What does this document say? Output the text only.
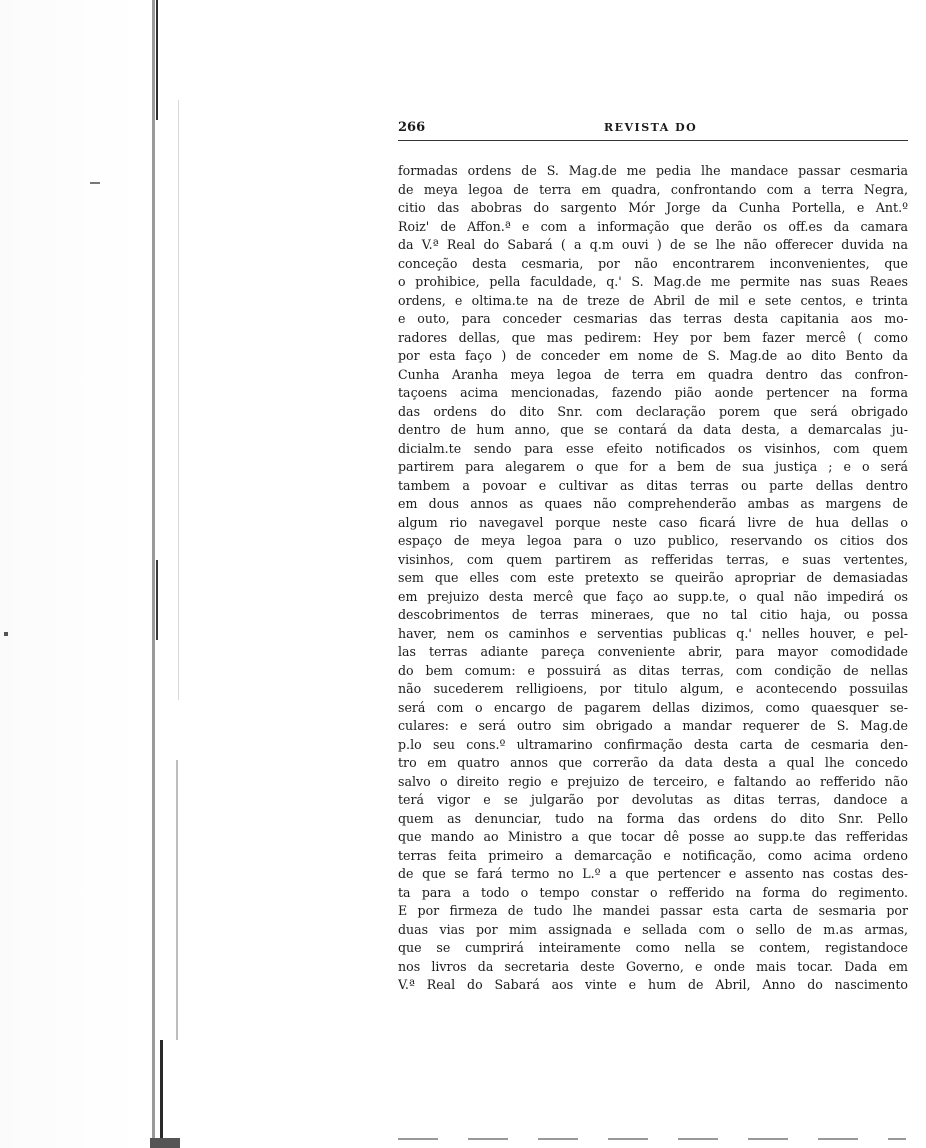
266	REVISTA DO
formadas ordens de S. Mag.de me pedia lhe mandace passar cesmaria
de meya legoa de terra em quadra, confrontando com a terra Negra,
citio das abobras do sargento Mór Jorge da Cunha Portella, e Ant.º
Roiz' de Affon.ª e com a informação que derão os off.es da camara
da V.ª Real do Sabará ( a q.m ouvi ) de se lhe não offerecer duvida na
conceção desta cesmaria, por não encontrarem inconvenientes, que
o prohibice, pella faculdade, q.' S. Mag.de me permite nas suas Reaes
ordens, e oltima.te na de treze de Abril de mil e sete centos, e trinta
e outo, para conceder cesmarias das terras desta capitania aos mo-
radores dellas, que mas pedirem: Hey por bem fazer mercê ( como
por esta faço ) de conceder em nome de S. Mag.de ao dito Bento da
Cunha Aranha meya legoa de terra em quadra dentro das confron-
taçoens acima mencionadas, fazendo pião aonde pertencer na forma
das ordens do dito Snr. com declaração porem que será obrigado
dentro de hum anno, que se contará da data desta, a demarcalas ju-
dicialm.te sendo para esse efeito notificados os visinhos, com quem
partirem para alegarem o que for a bem de sua justiça ; e o será
tambem a povoar e cultivar as ditas terras ou parte dellas dentro
em dous annos as quaes não comprehenderão ambas as margens de
algum rio navegavel porque neste caso ficará livre de hua dellas o
espaço de meya legoa para o uzo publico, reservando os citios dos
visinhos, com quem partirem as refferidas terras, e suas vertentes,
sem que elles com este pretexto se queirão apropriar de demasiadas
em prejuizo desta mercê que faço ao supp.te, o qual não impedirá os
descobrimentos de terras mineraes, que no tal citio haja, ou possa
haver, nem os caminhos e serventias publicas q.' nelles houver, e pel-
las terras adiante pareça conveniente abrir, para mayor comodidade
do bem comum: e possuirá as ditas terras, com condição de nellas
não sucederem relligioens, por titulo algum, e acontecendo possuilas
será com o encargo de pagarem dellas dizimos, como quaesquer se-
culares: e será outro sim obrigado a mandar requerer de S. Mag.de
p.lo seu cons.º ultramarino confirmação desta carta de cesmaria den-
tro em quatro annos que correrão da data desta a qual lhe concedo
salvo o direito regio e prejuizo de terceiro, e faltando ao refferido não
terá vigor e se julgarão por devolutas as ditas terras, dandoce a
quem as denunciar, tudo na forma das ordens do dito Snr. Pello
que mando ao Ministro a que tocar dê posse ao supp.te das refferidas
terras feita primeiro a demarcação e notificação, como acima ordeno
de que se fará termo no L.º a que pertencer e assento nas costas des-
ta para a todo o tempo constar o refferido na forma do regimento.
E por firmeza de tudo lhe mandei passar esta carta de sesmaria por
duas vias por mim assignada e sellada com o sello de m.as armas,
que se cumprirá inteiramente como nella se contem, registandoce
nos livros da secretaria deste Governo, e onde mais tocar. Dada em
V.ª Real do Sabará aos vinte e hum de Abril, Anno do nascimento
